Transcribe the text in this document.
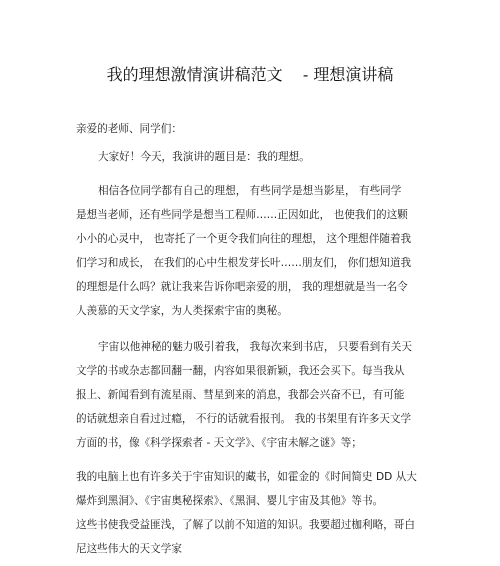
我的理想激情演讲稿范文    - 理想演讲稿
亲爱的老师、同学们：
大家好！今天，我演讲的题目是：我的理想。
相信各位同学都有自己的理想， 有些同学是想当影星， 有些同学
是想当老师，还有些同学是想当工程师……正因如此， 也使我们的这颗
小小的心灵中， 也寄托了一个更令我们向往的理想， 这个理想伴随着我
们学习和成长， 在我们的心中生根发芽长叶……朋友们， 你们想知道我
的理想是什么吗？就让我来告诉你吧亲爱的朋， 我的理想就是当一名令
人羡慕的天文学家，为人类探索宇宙的奥秘。
宇宙以他神秘的魅力吸引着我， 我每次来到书店， 只要看到有关天
文学的书或杂志都回翻一翻，内容如果很新颖，我还会买下。每当我从
报上、新闻看到有流星雨、彗星到来的消息，我都会兴奋不已，有可能
的话就想亲自看过过瘾， 不行的话就看报刊。 我的书架里有许多天文学
方面的书，像《科学探索者 - 天文学》、《宇宙未解之谜》等；
我的电脑上也有许多关于宇宙知识的藏书，如霍金的《时间简史 DD 从大
爆炸到黑洞》、《宇宙奥秘探索》、《黑洞、婴儿宇宙及其他》等书。
这些书使我受益匪浅，了解了以前不知道的知识。我要超过枷利略，哥白
尼这些伟大的天文学家
